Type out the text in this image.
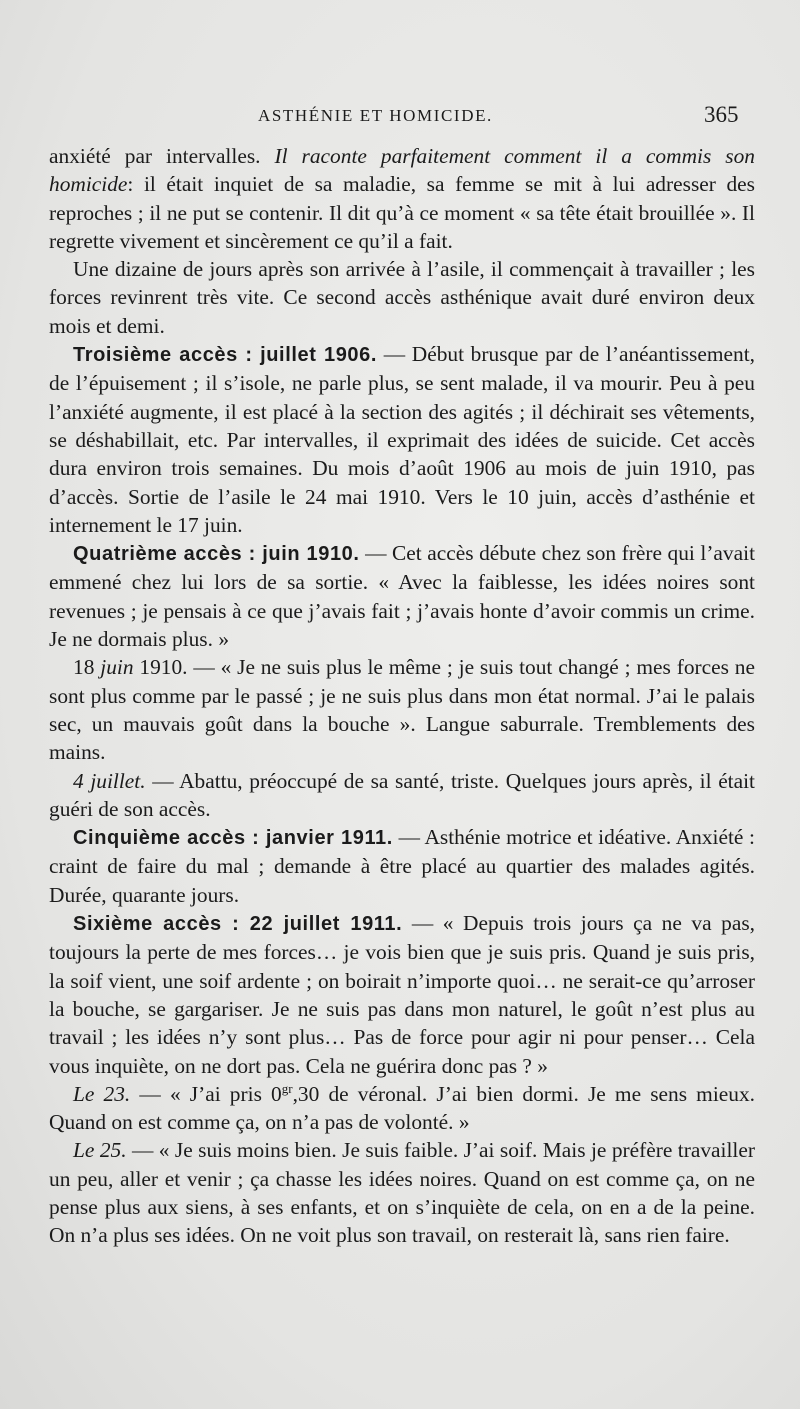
ASTHÉNIE ET HOMICIDE.	365

anxiété par intervalles. Il raconte parfaitement comment il a commis son homicide: il était inquiet de sa maladie, sa femme se mit à lui adresser des reproches ; il ne put se contenir. Il dit qu’à ce moment « sa tête était brouillée ». Il regrette vivement et sincèrement ce qu’il a fait.

Une dizaine de jours après son arrivée à l’asile, il commençait à travailler ; les forces revinrent très vite. Ce second accès asthénique avait duré environ deux mois et demi.

Troisième accès : juillet 1906. — Début brusque par de l’anéantissement, de l’épuisement ; il s’isole, ne parle plus, se sent malade, il va mourir. Peu à peu l’anxiété augmente, il est placé à la section des agités ; il déchirait ses vêtements, se déshabillait, etc. Par intervalles, il exprimait des idées de suicide. Cet accès dura environ trois semaines. Du mois d’août 1906 au mois de juin 1910, pas d’accès. Sortie de l’asile le 24 mai 1910. Vers le 10 juin, accès d’asthénie et internement le 17 juin.

Quatrième accès : juin 1910. — Cet accès débute chez son frère qui l’avait emmené chez lui lors de sa sortie. « Avec la faiblesse, les idées noires sont revenues ; je pensais à ce que j’avais fait ; j’avais honte d’avoir commis un crime. Je ne dormais plus. »

18 juin 1910. — « Je ne suis plus le même ; je suis tout changé ; mes forces ne sont plus comme par le passé ; je ne suis plus dans mon état normal. J’ai le palais sec, un mauvais goût dans la bouche ». Langue saburrale. Tremblements des mains.

4 juillet. — Abattu, préoccupé de sa santé, triste. Quelques jours après, il était guéri de son accès.

Cinquième accès : janvier 1911. — Asthénie motrice et idéative. Anxiété : craint de faire du mal ; demande à être placé au quartier des malades agités. Durée, quarante jours.

Sixième accès : 22 juillet 1911. — « Depuis trois jours ça ne va pas, toujours la perte de mes forces… je vois bien que je suis pris. Quand je suis pris, la soif vient, une soif ardente ; on boirait n’importe quoi… ne serait-ce qu’arroser la bouche, se gargariser. Je ne suis pas dans mon naturel, le goût n’est plus au travail ; les idées n’y sont plus… Pas de force pour agir ni pour penser… Cela vous inquiète, on ne dort pas. Cela ne guérira donc pas ? »

Le 23. — « J’ai pris $0^{gr},30$ de véronal. J’ai bien dormi. Je me sens mieux. Quand on est comme ça, on n’a pas de volonté. »

Le 25. — « Je suis moins bien. Je suis faible. J’ai soif. Mais je préfère travailler un peu, aller et venir ; ça chasse les idées noires. Quand on est comme ça, on ne pense plus aux siens, à ses enfants, et on s’inquiète de cela, on en a de la peine. On n’a plus ses idées. On ne voit plus son travail, on resterait là, sans rien faire.
